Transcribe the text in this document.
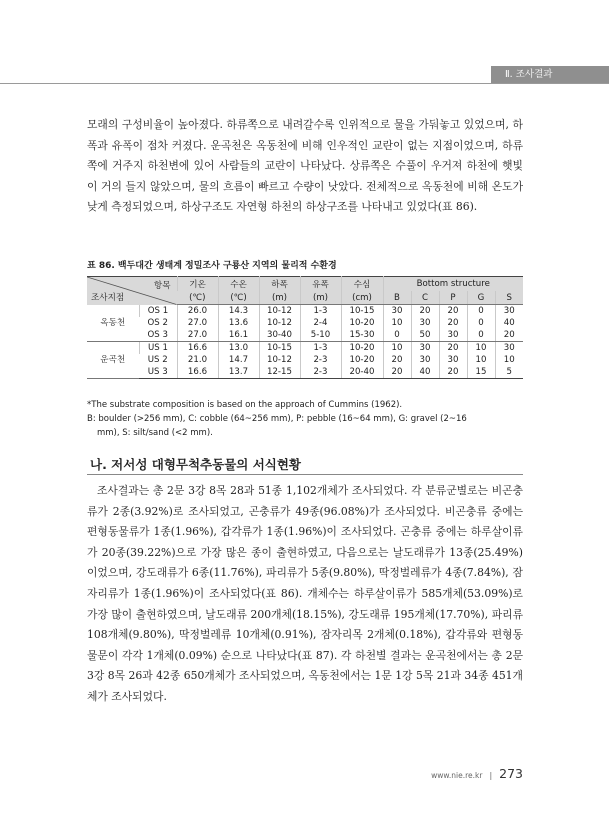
Ⅱ. 조사결과

모래의 구성비율이 높아졌다. 하류쪽으로 내려갈수록 인위적으로 물을 가둬놓고 있었으며, 하폭과 유폭이 점차 커졌다. 운곡천은 옥동천에 비해 인우적인 교란이 없는 지점이었으며, 하류쪽에 거주지 하천변에 있어 사람들의 교란이 나타났다. 상류쪽은 수풀이 우거져 하천에 햇빛이 거의 들지 않았으며, 물의 흐름이 빠르고 수량이 낫았다. 전체적으로 옥동천에 비해 온도가 낮게 측정되었으며, 하상구조도 자연형 하천의 하상구조를 나타내고 있었다(표 86).

표 86. 백두대간 생태계 정밀조사 구룡산 지역의 물리적 수환경
항목
조사지점		기온	수온	하폭	유폭	수심	Bottom structure				
		(℃)	(℃)	(m)	(m)	(cm)	B	C	P	G	S
옥동천	OS 1	26.0	14.3	10-12	1-3	10-15	30	20	20	0	30
	OS 2	27.0	13.6	10-12	2-4	10-20	10	30	20	0	40
	OS 3	27.0	16.1	30-40	5-10	15-30	0	50	30	0	20
운곡천	US 1	16.6	13.0	10-15	1-3	10-20	10	30	20	10	30
	US 2	21.0	14.7	10-12	2-3	10-20	20	30	30	10	10
	US 3	16.6	13.7	12-15	2-3	20-40	20	40	20	15	5

*The substrate composition is based on the approach of Cummins (1962).

B: boulder (>256 mm), C: cobble (64~256 mm), P: pebble (16~64 mm), G: gravel (2~16

mm), S: silt/sand (<2 mm).

나. 저서성 대형무척추동물의 서식현황

조사결과는 총 2문 3강 8목 28과 51종 1,102개체가 조사되었다. 각 분류군별로는 비곤충류가 2종(3.92%)로 조사되었고, 곤충류가 49종(96.08%)가 조사되었다. 비곤충류 중에는 편형동물류가 1종(1.96%), 갑각류가 1종(1.96%)이 조사되었다. 곤충류 중에는 하루살이류가 20종(39.22%)으로 가장 많은 종이 출현하였고, 다음으로는 날도래류가 13종(25.49%)이었으며, 강도래류가 6종(11.76%), 파리류가 5종(9.80%), 딱정벌레류가 4종(7.84%), 잠자리류가 1종(1.96%)이 조사되었다(표 86). 개체수는 하루살이류가 585개체(53.09%)로 가장 많이 출현하였으며, 날도래류 200개체(18.15%), 강도래류 195개체(17.70%), 파리류 108개체(9.80%), 딱정벌레류 10개체(0.91%), 잠자리목 2개체(0.18%), 갑각류와 편형동물문이 각각 1개체(0.09%) 순으로 나타났다(표 87). 각 하천별 결과는 운곡천에서는 총 2문 3강 8목 26과 42종 650개체가 조사되었으며, 옥동천에서는 1문 1강 5목 21과 34종 451개체가 조사되었다.

www.nie.re.kr | 273
